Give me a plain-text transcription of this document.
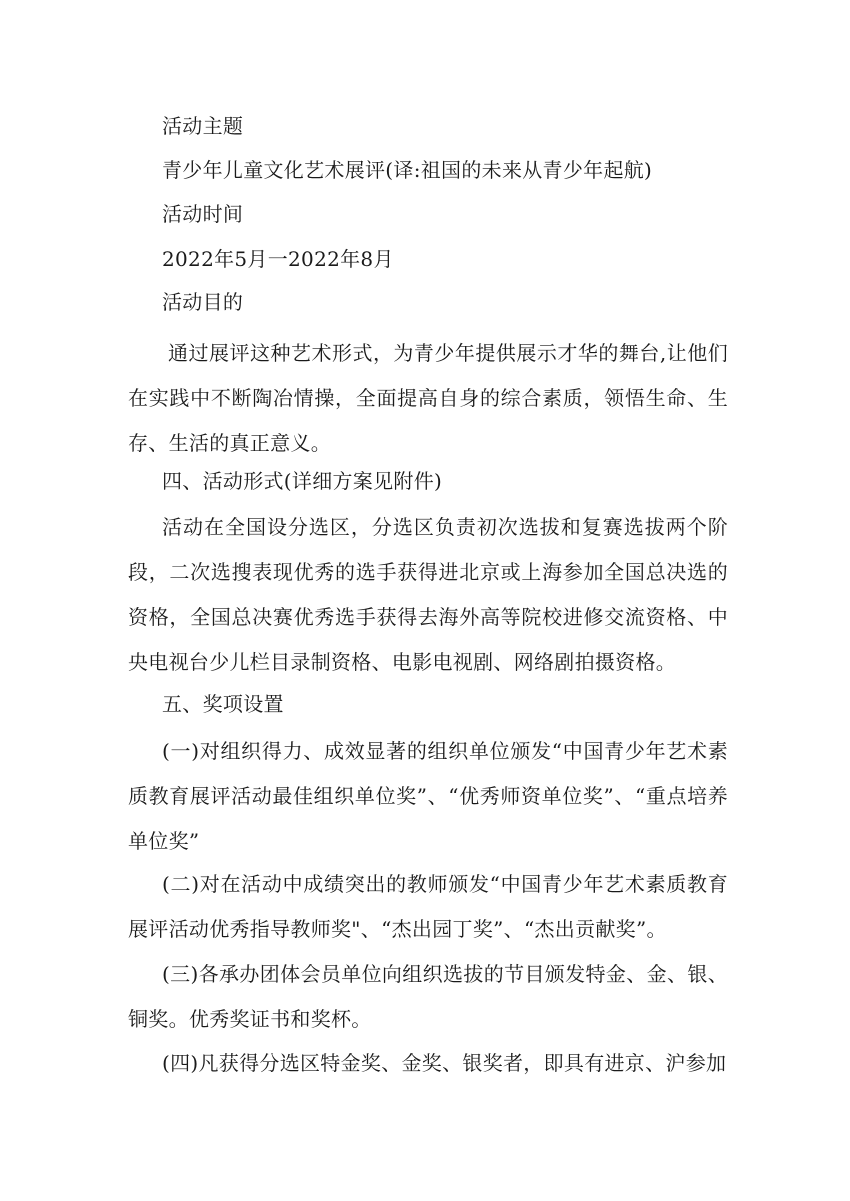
活动主题

青少年儿童文化艺术展评(译:祖国的未来从青少年起航)

活动时间

2022年5月一2022年8月

活动目的

通过展评这种艺术形式，为青少年提供展示才华的舞台,让他们在实践中不断陶冶情操，全面提高自身的综合素质，领悟生命、生存、生活的真正意义。

四、活动形式(详细方案见附件)

活动在全国设分选区，分选区负责初次选拔和复赛选拔两个阶段，二次选搜表现优秀的选手获得进北京或上海参加全国总决选的资格，全国总决赛优秀选手获得去海外高等院校进修交流资格、中央电视台少儿栏目录制资格、电影电视剧、网络剧拍摄资格。

五、奖项设置

(一)对组织得力、成效显著的组织单位颁发“中国青少年艺术素质教育展评活动最佳组织单位奖”、“优秀师资单位奖”、“重点培养单位奖”

(二)对在活动中成绩突出的教师颁发“中国青少年艺术素质教育展评活动优秀指导教师奖"、“杰出园丁奖”、“杰出贡献奖”。

(三)各承办团体会员单位向组织选拔的节目颁发特金、金、银、铜奖。优秀奖证书和奖杯。

(四)凡获得分选区特金奖、金奖、银奖者，即具有进京、沪参加
